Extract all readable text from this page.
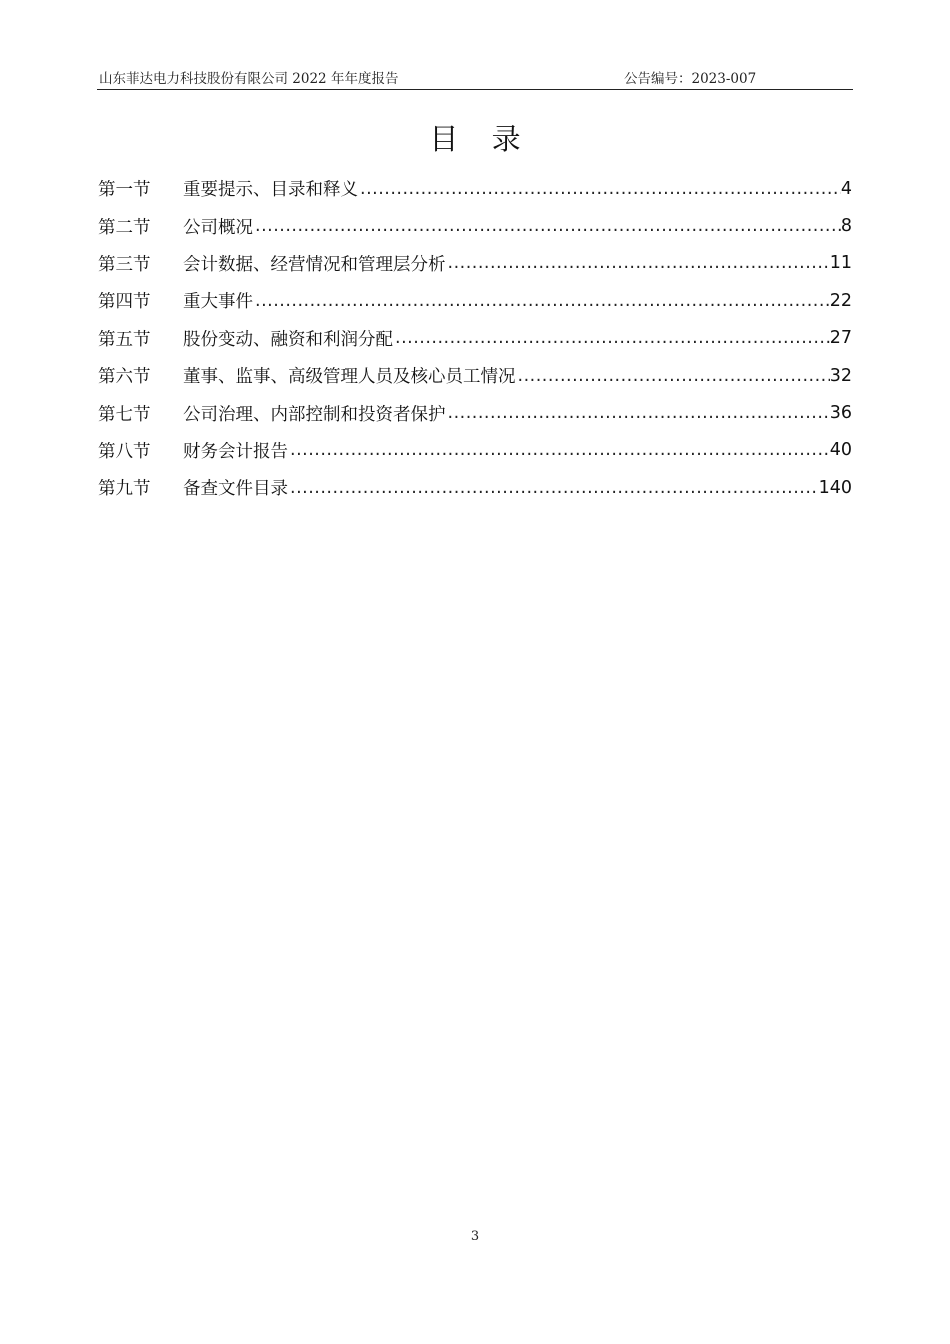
山东菲达电力科技股份有限公司 2022 年年度报告	公告编号：2023-007
目 录
第一节	重要提示、目录和释义 .....	4
第二节	公司概况 .....	8
第三节	会计数据、经营情况和管理层分析 .....	11
第四节	重大事件 .....	22
第五节	股份变动、融资和利润分配 .....	27
第六节	董事、监事、高级管理人员及核心员工情况 .....	32
第七节	公司治理、内部控制和投资者保护 .....	36
第八节	财务会计报告 .....	40
第九节	备查文件目录 .....	140
3
